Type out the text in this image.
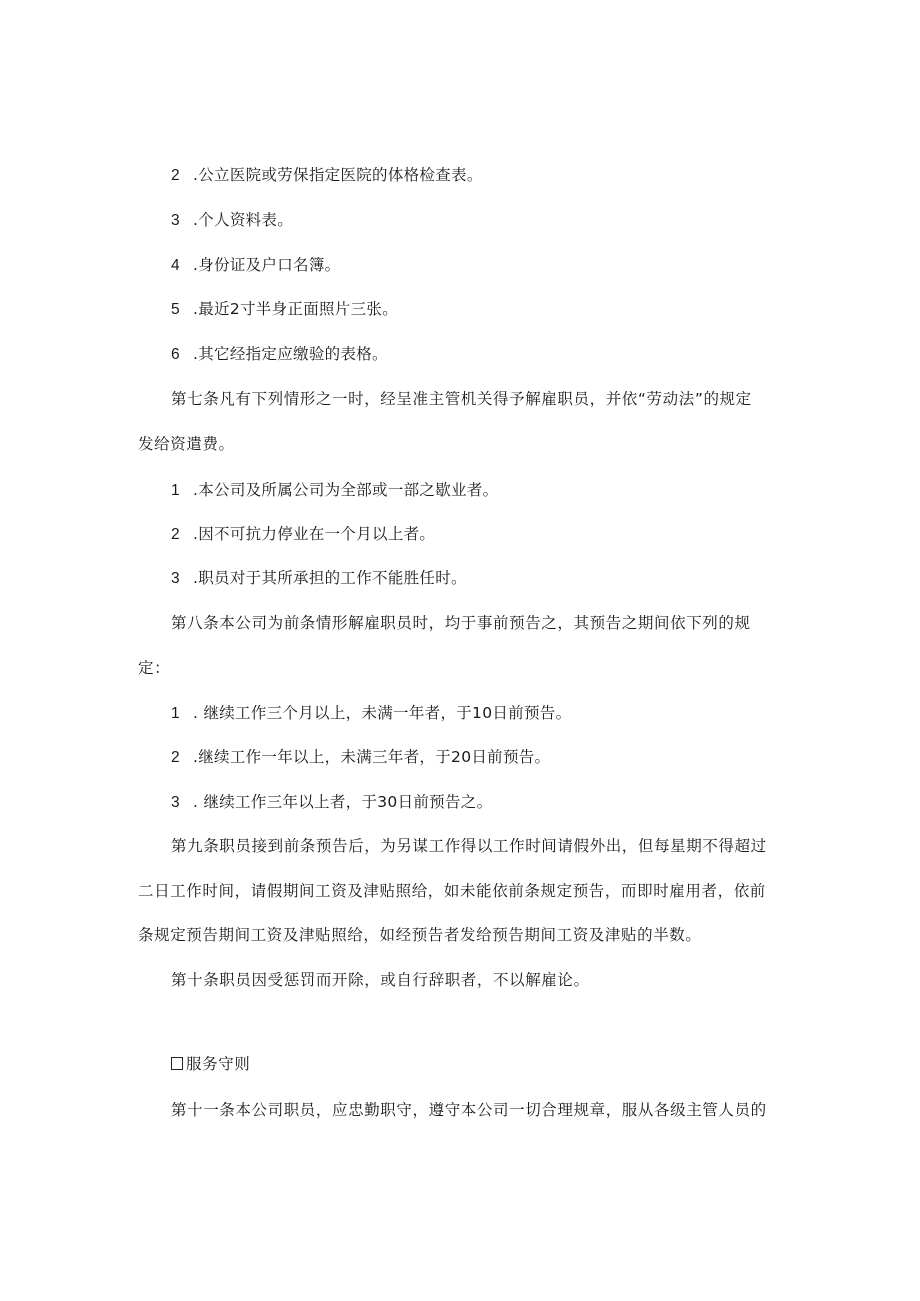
2 .公立医院或劳保指定医院的体格检查表。

3 .个人资料表。

4 .身份证及户口名簿。

5 .最近2寸半身正面照片三张。

6 .其它经指定应缴验的表格。

第七条凡有下列情形之一时，经呈准主管机关得予解雇职员，并依“劳动法”的规定

发给资遣费。

1 .本公司及所属公司为全部或一部之歇业者。

2 .因不可抗力停业在一个月以上者。

3 .职员对于其所承担的工作不能胜任时。

第八条本公司为前条情形解雇职员时，均于事前预告之，其预告之期间依下列的规

定：

1 . 继续工作三个月以上，未满一年者，于10日前预告。

2 .继续工作一年以上，未满三年者，于20日前预告。

3 . 继续工作三年以上者，于30日前预告之。

第九条职员接到前条预告后，为另谋工作得以工作时间请假外出，但每星期不得超过

二日工作时间，请假期间工资及津贴照给，如未能依前条规定预告，而即时雇用者，依前

条规定预告期间工资及津贴照给，如经预告者发给预告期间工资及津贴的半数。

第十条职员因受惩罚而开除，或自行辞职者，不以解雇论。

服务守则

第十一条本公司职员，应忠勤职守，遵守本公司一切合理规章，服从各级主管人员的
